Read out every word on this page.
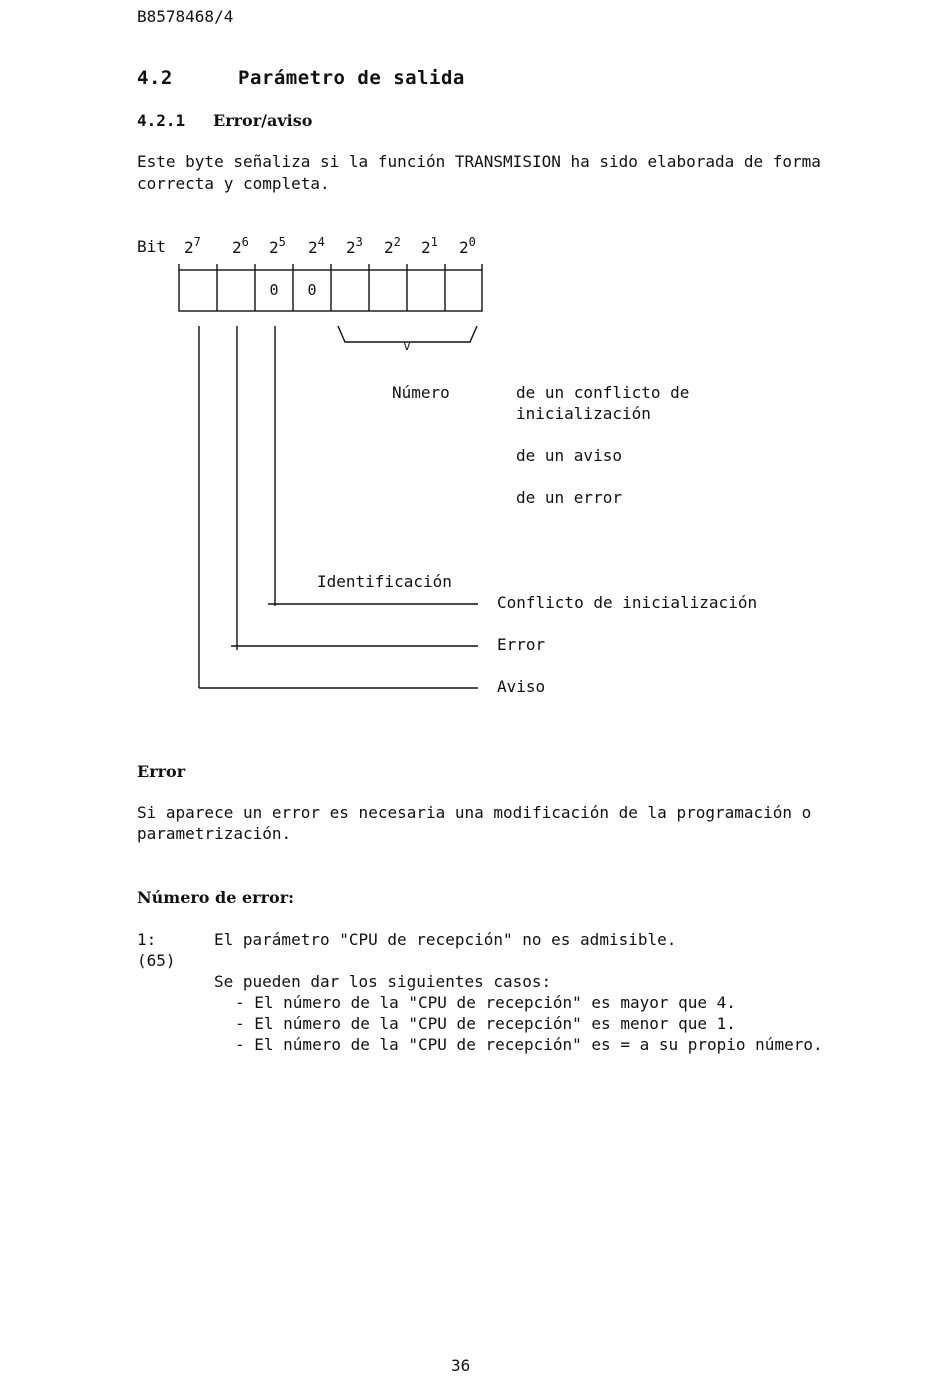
B8578468/4
4.2	Parámetro de salida
4.2.1 Error/aviso
Este byte señaliza si la función TRANSMISION ha sido elaborada de forma
correcta y completa.
Bit $2^7$ $2^6$ $2^5$ $2^4$ $2^3$ $2^2$ $2^1$ $2^0$
0 0
v
Número	de un conflicto de
inicialización
de un aviso
de un error
Identificación
Conflicto de inicialización
Error
Aviso
Error
Si aparece un error es necesaria una modificación de la programación o
parametrización.
Número de error:
1:
(65)
El parámetro "CPU de recepción" no es admisible.
Se pueden dar los siguientes casos:
- El número de la "CPU de recepción" es mayor que 4.
- El número de la "CPU de recepción" es menor que 1.
- El número de la "CPU de recepción" es = a su propio número.
36
